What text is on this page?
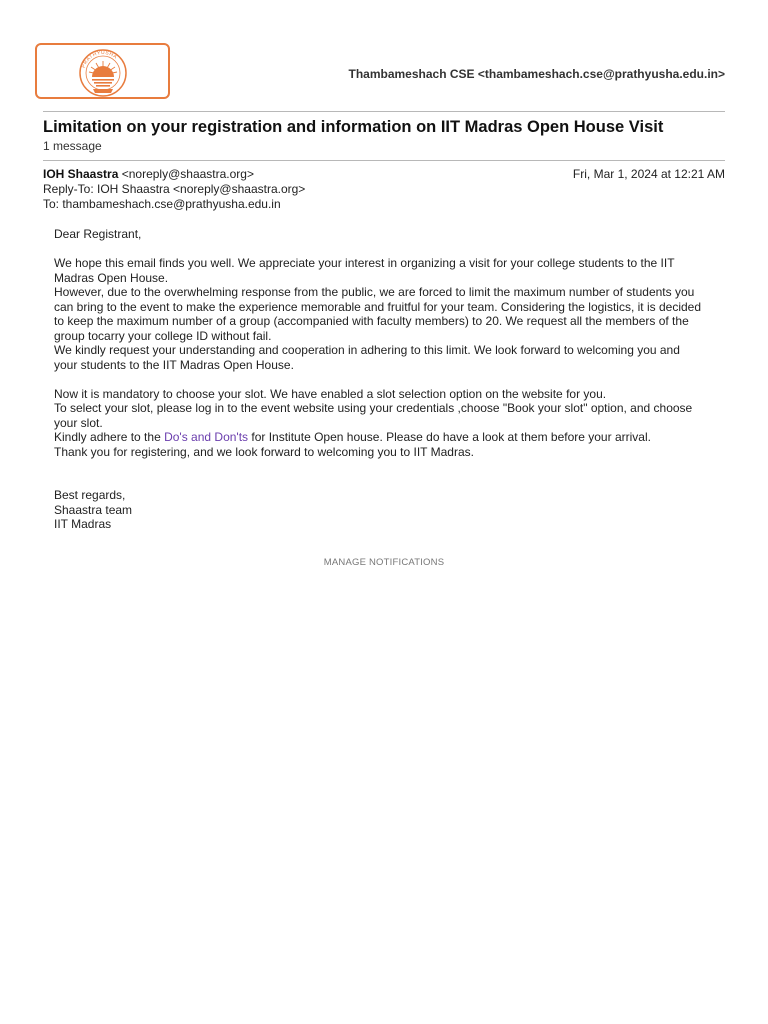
PRATHYUSHA
Thambameshach CSE <thambameshach.cse@prathyusha.edu.in>
Limitation on your registration and information on IIT Madras Open House Visit
1 message
IOH Shaastra <noreply@shaastra.org>
Reply-To: IOH Shaastra <noreply@shaastra.org>
To: thambameshach.cse@prathyusha.edu.in
Fri, Mar 1, 2024 at 12:21 AM

Dear Registrant,

We hope this email finds you well. We appreciate your interest in organizing a visit for your college students to the IIT

Madras Open House.

However, due to the overwhelming response from the public, we are forced to limit the maximum number of students you

can bring to the event to make the experience memorable and fruitful for your team. Considering the logistics, it is decided

to keep the maximum number of a group (accompanied with faculty members) to 20. We request all the members of the

group tocarry your college ID without fail.

We kindly request your understanding and cooperation in adhering to this limit. We look forward to welcoming you and

your students to the IIT Madras Open House.

Now it is mandatory to choose your slot. We have enabled a slot selection option on the website for you.

To select your slot, please log in to the event website using your credentials ,choose "Book your slot" option, and choose

your slot.

Kindly adhere to the Do's and Don'ts for Institute Open house. Please do have a look at them before your arrival.

Thank you for registering, and we look forward to welcoming you to IIT Madras.

Best regards,

Shaastra team

IIT Madras

MANAGE NOTIFICATIONS
